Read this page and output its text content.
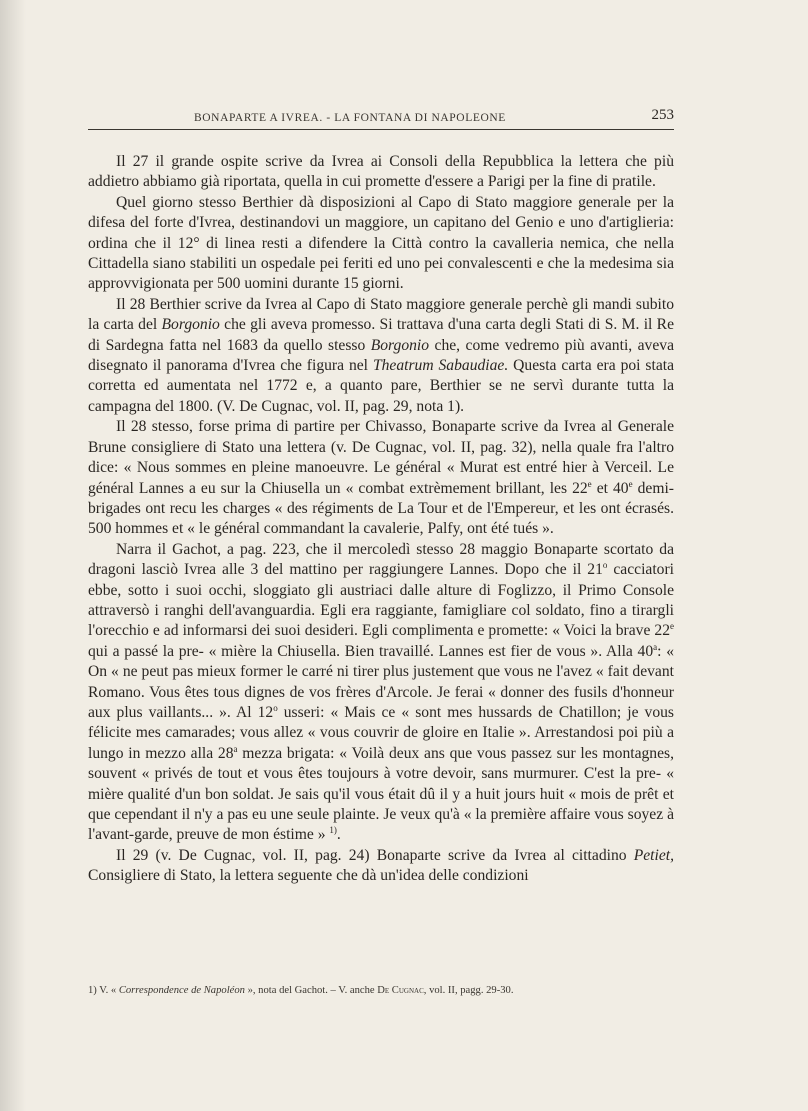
BONAPARTE A IVREA. - LA FONTANA DI NAPOLEONE	253

Il 27 il grande ospite scrive da Ivrea ai Consoli della Repubblica la lettera che più addietro abbiamo già riportata, quella in cui promette d'essere a Parigi per la fine di pratile.

Quel giorno stesso Berthier dà disposizioni al Capo di Stato maggiore generale per la difesa del forte d'Ivrea, destinandovi un maggiore, un capitano del Genio e uno d'artiglieria: ordina che il 12° di linea resti a difendere la Città contro la cavalleria nemica, che nella Cittadella siano stabiliti un ospedale pei feriti ed uno pei convalescenti e che la medesima sia approvvigionata per 500 uomini durante 15 giorni.

Il 28 Berthier scrive da Ivrea al Capo di Stato maggiore generale perchè gli mandi subito la carta del Borgonio che gli aveva promesso. Si trattava d'una carta degli Stati di S. M. il Re di Sardegna fatta nel 1683 da quello stesso Borgonio che, come vedremo più avanti, aveva disegnato il panorama d'Ivrea che figura nel Theatrum Sabaudiae. Questa carta era poi stata corretta ed aumentata nel 1772 e, a quanto pare, Berthier se ne servì durante tutta la campagna del 1800. (V. De Cugnac, vol. II, pag. 29, nota 1).

Il 28 stesso, forse prima di partire per Chivasso, Bonaparte scrive da Ivrea al Generale Brune consigliere di Stato una lettera (v. De Cugnac, vol. II, pag. 32), nella quale fra l'altro dice: « Nous sommes en pleine manoeuvre. Le général « Murat est entré hier à Verceil. Le général Lannes a eu sur la Chiusella un « combat extrèmement brillant, les 22e et 40e demi-brigades ont recu les charges « des régiments de La Tour et de l'Empereur, et les ont écrasés. 500 hommes et « le général commandant la cavalerie, Palfy, ont été tués ».

Narra il Gachot, a pag. 223, che il mercoledì stesso 28 maggio Bonaparte scortato da dragoni lasciò Ivrea alle 3 del mattino per raggiungere Lannes. Dopo che il 21$^o$ cacciatori ebbe, sotto i suoi occhi, sloggiato gli austriaci dalle alture di Foglizzo, il Primo Console attraversò i ranghi dell'avanguardia. Egli era raggiante, famigliare col soldato, fino a tirargli l'orecchio e ad informarsi dei suoi desideri. Egli complimenta e promette: « Voici la brave 22e qui a passé la pre- « mière la Chiusella. Bien travaillé. Lannes est fier de vous ». Alla 40$^a$: « On « ne peut pas mieux former le carré ni tirer plus justement que vous ne l'avez « fait devant Romano. Vous êtes tous dignes de vos frères d'Arcole. Je ferai « donner des fusils d'honneur aux plus vaillants... ». Al 12$^o$ usseri: « Mais ce « sont mes hussards de Chatillon; je vous félicite mes camarades; vous allez « vous couvrir de gloire en Italie ». Arrestandosi poi più a lungo in mezzo alla 28$^a$ mezza brigata: « Voilà deux ans que vous passez sur les montagnes, souvent « privés de tout et vous êtes toujours à votre devoir, sans murmurer. C'est la pre- « mière qualité d'un bon soldat. Je sais qu'il vous était dû il y a huit jours huit « mois de prêt et que cependant il n'y a pas eu une seule plainte. Je veux qu'à « la première affaire vous soyez à l'avant-garde, preuve de mon éstime » $^{1)}$.

Il 29 (v. De Cugnac, vol. II, pag. 24) Bonaparte scrive da Ivrea al cittadino Petiet, Consigliere di Stato, la lettera seguente che dà un'idea delle condizioni

1) V. « Correspondence de Napoléon », nota del Gachot. – V. anche De Cugnac, vol. II, pagg. 29-30.
